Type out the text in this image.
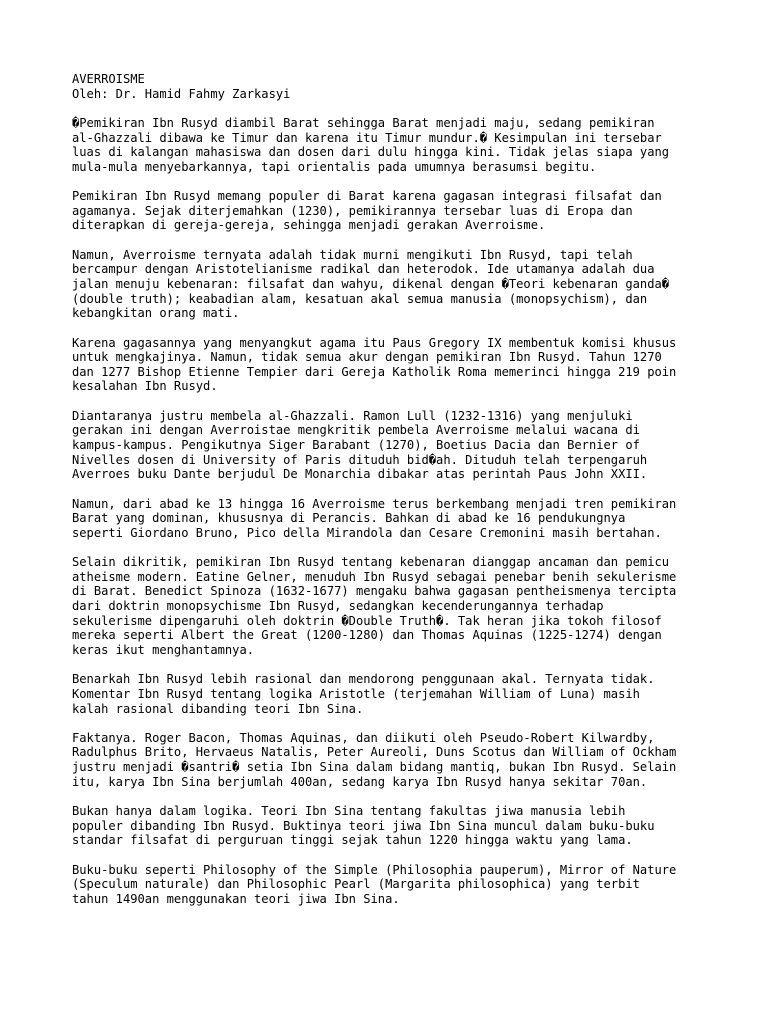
AVERROISME
Oleh: Dr. Hamid Fahmy Zarkasyi
�Pemikiran Ibn Rusyd diambil Barat sehingga Barat menjadi maju, sedang pemikiran
al-Ghazzali dibawa ke Timur dan karena itu Timur mundur.� Kesimpulan ini tersebar
luas di kalangan mahasiswa dan dosen dari dulu hingga kini. Tidak jelas siapa yang
mula-mula menyebarkannya, tapi orientalis pada umumnya berasumsi begitu.
Pemikiran Ibn Rusyd memang populer di Barat karena gagasan integrasi filsafat dan
agamanya. Sejak diterjemahkan (1230), pemikirannya tersebar luas di Eropa dan
diterapkan di gereja-gereja, sehingga menjadi gerakan Averroisme.
Namun, Averroisme ternyata adalah tidak murni mengikuti Ibn Rusyd, tapi telah
bercampur dengan Aristotelianisme radikal dan heterodok. Ide utamanya adalah dua
jalan menuju kebenaran: filsafat dan wahyu, dikenal dengan �Teori kebenaran ganda�
(double truth); keabadian alam, kesatuan akal semua manusia (monopsychism), dan
kebangkitan orang mati.
Karena gagasannya yang menyangkut agama itu Paus Gregory IX membentuk komisi khusus
untuk mengkajinya. Namun, tidak semua akur dengan pemikiran Ibn Rusyd. Tahun 1270
dan 1277 Bishop Etienne Tempier dari Gereja Katholik Roma memerinci hingga 219 poin
kesalahan Ibn Rusyd.
Diantaranya justru membela al-Ghazzali. Ramon Lull (1232-1316) yang menjuluki
gerakan ini dengan Averroistae mengkritik pembela Averroisme melalui wacana di
kampus-kampus. Pengikutnya Siger Barabant (1270), Boetius Dacia dan Bernier of
Nivelles dosen di University of Paris dituduh bid�ah. Dituduh telah terpengaruh
Averroes buku Dante berjudul De Monarchia dibakar atas perintah Paus John XXII.
Namun, dari abad ke 13 hingga 16 Averroisme terus berkembang menjadi tren pemikiran
Barat yang dominan, khususnya di Perancis. Bahkan di abad ke 16 pendukungnya
seperti Giordano Bruno, Pico della Mirandola dan Cesare Cremonini masih bertahan.
Selain dikritik, pemikiran Ibn Rusyd tentang kebenaran dianggap ancaman dan pemicu
atheisme modern. Eatine Gelner, menuduh Ibn Rusyd sebagai penebar benih sekulerisme
di Barat. Benedict Spinoza (1632-1677) mengaku bahwa gagasan pentheismenya tercipta
dari doktrin monopsychisme Ibn Rusyd, sedangkan kecenderungannya terhadap
sekulerisme dipengaruhi oleh doktrin �Double Truth�. Tak heran jika tokoh filosof
mereka seperti Albert the Great (1200-1280) dan Thomas Aquinas (1225-1274) dengan
keras ikut menghantamnya.
Benarkah Ibn Rusyd lebih rasional dan mendorong penggunaan akal. Ternyata tidak.
Komentar Ibn Rusyd tentang logika Aristotle (terjemahan William of Luna) masih
kalah rasional dibanding teori Ibn Sina.
Faktanya. Roger Bacon, Thomas Aquinas, dan diikuti oleh Pseudo-Robert Kilwardby,
Radulphus Brito, Hervaeus Natalis, Peter Aureoli, Duns Scotus dan William of Ockham
justru menjadi �santri� setia Ibn Sina dalam bidang mantiq, bukan Ibn Rusyd. Selain
itu, karya Ibn Sina berjumlah 400an, sedang karya Ibn Rusyd hanya sekitar 70an.
Bukan hanya dalam logika. Teori Ibn Sina tentang fakultas jiwa manusia lebih
populer dibanding Ibn Rusyd. Buktinya teori jiwa Ibn Sina muncul dalam buku-buku
standar filsafat di perguruan tinggi sejak tahun 1220 hingga waktu yang lama.
Buku-buku seperti Philosophy of the Simple (Philosophia pauperum), Mirror of Nature
(Speculum naturale) dan Philosophic Pearl (Margarita philosophica) yang terbit
tahun 1490an menggunakan teori jiwa Ibn Sina.
